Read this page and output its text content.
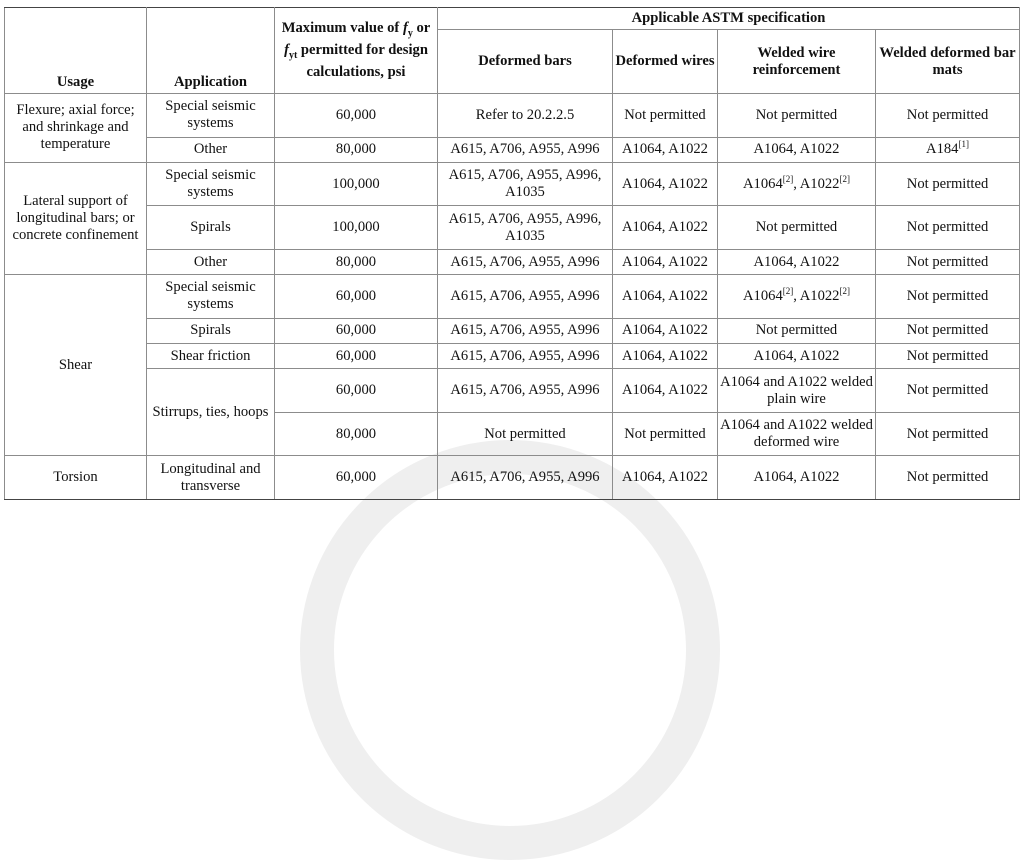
Usage	Application	Maximum value of $f_y$ or $f_{yt}$ permitted for design calculations, psi	Applicable ASTM specification			
			Deformed bars	Deformed wires	Welded wire reinforcement	Welded deformed bar mats
Flexure; axial force; and shrinkage and temperature	Special seismic systems	60,000	Refer to 20.2.2.5	Not permitted	Not permitted	Not permitted
	Other	80,000	A615, A706, A955, A996	A1064, A1022	A1064, A1022	A184[1]
Lateral support of longitudinal bars; or concrete confinement	Special seismic systems	100,000	A615, A706, A955, A996, A1035	A1064, A1022	A1064[2], A1022[2]	Not permitted
	Spirals	100,000	A615, A706, A955, A996, A1035	A1064, A1022	Not permitted	Not permitted
	Other	80,000	A615, A706, A955, A996	A1064, A1022	A1064, A1022	Not permitted
Shear	Special seismic systems	60,000	A615, A706, A955, A996	A1064, A1022	A1064[2], A1022[2]	Not permitted
	Spirals	60,000	A615, A706, A955, A996	A1064, A1022	Not permitted	Not permitted
	Shear friction	60,000	A615, A706, A955, A996	A1064, A1022	A1064, A1022	Not permitted
	Stirrups, ties, hoops	60,000	A615, A706, A955, A996	A1064, A1022	A1064 and A1022 welded plain wire	Not permitted
		80,000	Not permitted	Not permitted	A1064 and A1022 welded deformed wire	Not permitted
Torsion	Longitudinal and transverse	60,000	A615, A706, A955, A996	A1064, A1022	A1064, A1022	Not permitted
